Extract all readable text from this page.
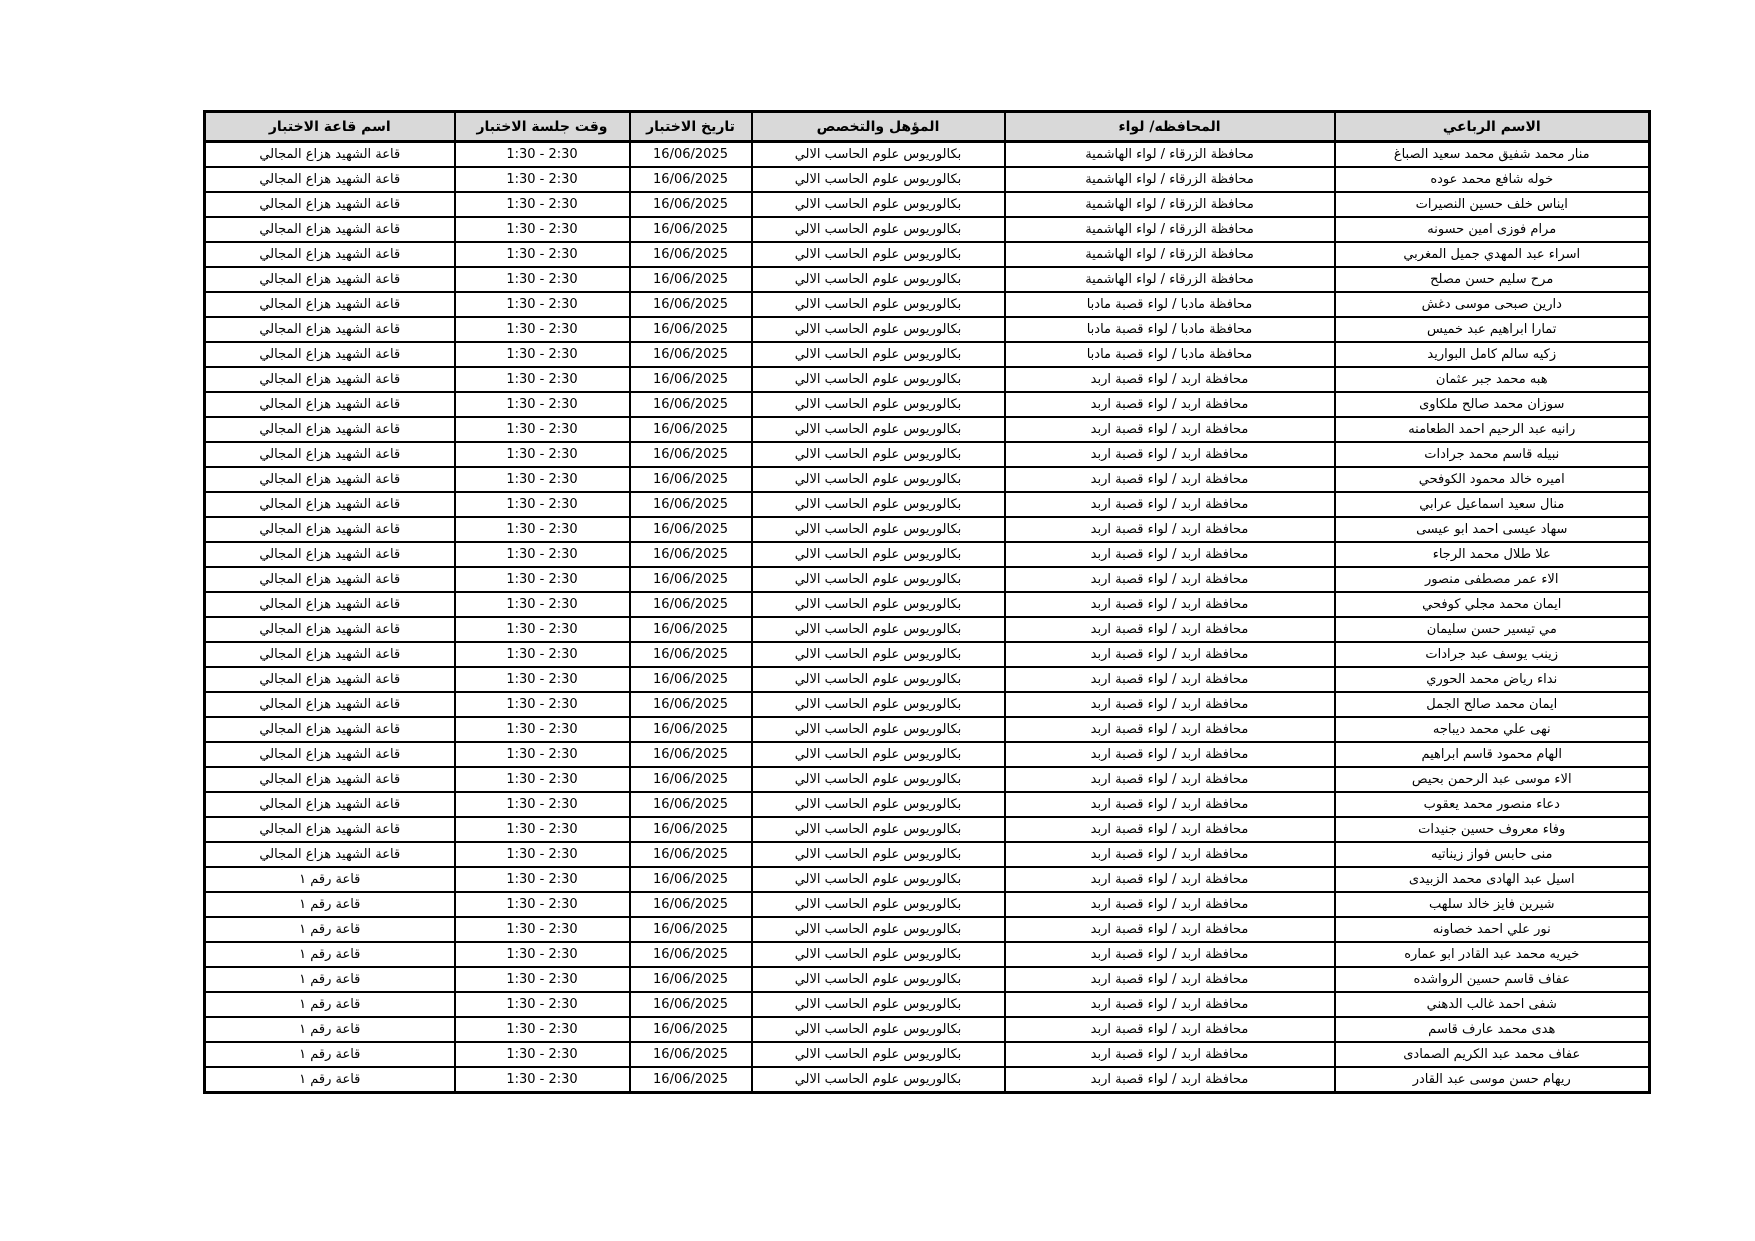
الاسم الرباعي	المحافظه/ لواء	المؤهل والتخصص	تاريخ الاختبار	وقت جلسة الاختبار	اسم قاعة الاختبار
منار محمد شفيق محمد سعيد الصباغ	محافظة الزرقاء / لواء الهاشمية	بكالوريوس علوم الحاسب الالي	16/06/2025	1:30 - 2:30	قاعة الشهيد هزاع المجالي
خوله شافع محمد عوده	محافظة الزرقاء / لواء الهاشمية	بكالوريوس علوم الحاسب الالي	16/06/2025	1:30 - 2:30	قاعة الشهيد هزاع المجالي
ايناس خلف حسين النصيرات	محافظة الزرقاء / لواء الهاشمية	بكالوريوس علوم الحاسب الالي	16/06/2025	1:30 - 2:30	قاعة الشهيد هزاع المجالي
مرام فوزى امين حسونه	محافظة الزرقاء / لواء الهاشمية	بكالوريوس علوم الحاسب الالي	16/06/2025	1:30 - 2:30	قاعة الشهيد هزاع المجالي
اسراء عبد المهدي جميل المغربي	محافظة الزرقاء / لواء الهاشمية	بكالوريوس علوم الحاسب الالي	16/06/2025	1:30 - 2:30	قاعة الشهيد هزاع المجالي
مرح سليم حسن مصلح	محافظة الزرقاء / لواء الهاشمية	بكالوريوس علوم الحاسب الالي	16/06/2025	1:30 - 2:30	قاعة الشهيد هزاع المجالي
دارين صبحى موسى دغش	محافظة مادبا / لواء قصبة مادبا	بكالوريوس علوم الحاسب الالي	16/06/2025	1:30 - 2:30	قاعة الشهيد هزاع المجالي
تمارا ابراهيم عبد خميس	محافظة مادبا / لواء قصبة مادبا	بكالوريوس علوم الحاسب الالي	16/06/2025	1:30 - 2:30	قاعة الشهيد هزاع المجالي
زكيه سالم كامل البواريد	محافظة مادبا / لواء قصبة مادبا	بكالوريوس علوم الحاسب الالي	16/06/2025	1:30 - 2:30	قاعة الشهيد هزاع المجالي
هبه محمد جبر عثمان	محافظة اربد / لواء قصبة اربد	بكالوريوس علوم الحاسب الالي	16/06/2025	1:30 - 2:30	قاعة الشهيد هزاع المجالي
سوزان محمد صالح ملكاوى	محافظة اربد / لواء قصبة اربد	بكالوريوس علوم الحاسب الالي	16/06/2025	1:30 - 2:30	قاعة الشهيد هزاع المجالي
رانيه عبد الرحيم احمد الطعامنه	محافظة اربد / لواء قصبة اربد	بكالوريوس علوم الحاسب الالي	16/06/2025	1:30 - 2:30	قاعة الشهيد هزاع المجالي
نبيله قاسم محمد جرادات	محافظة اربد / لواء قصبة اربد	بكالوريوس علوم الحاسب الالي	16/06/2025	1:30 - 2:30	قاعة الشهيد هزاع المجالي
اميره خالد محمود الكوفحي	محافظة اربد / لواء قصبة اربد	بكالوريوس علوم الحاسب الالي	16/06/2025	1:30 - 2:30	قاعة الشهيد هزاع المجالي
منال سعيد اسماعيل عرابي	محافظة اربد / لواء قصبة اربد	بكالوريوس علوم الحاسب الالي	16/06/2025	1:30 - 2:30	قاعة الشهيد هزاع المجالي
سهاد عيسى احمد ابو عيسى	محافظة اربد / لواء قصبة اربد	بكالوريوس علوم الحاسب الالي	16/06/2025	1:30 - 2:30	قاعة الشهيد هزاع المجالي
علا طلال محمد الرجاء	محافظة اربد / لواء قصبة اربد	بكالوريوس علوم الحاسب الالي	16/06/2025	1:30 - 2:30	قاعة الشهيد هزاع المجالي
الاء عمر مصطفى منصور	محافظة اربد / لواء قصبة اربد	بكالوريوس علوم الحاسب الالي	16/06/2025	1:30 - 2:30	قاعة الشهيد هزاع المجالي
ايمان محمد مجلي كوفحي	محافظة اربد / لواء قصبة اربد	بكالوريوس علوم الحاسب الالي	16/06/2025	1:30 - 2:30	قاعة الشهيد هزاع المجالي
مي تيسير حسن سليمان	محافظة اربد / لواء قصبة اربد	بكالوريوس علوم الحاسب الالي	16/06/2025	1:30 - 2:30	قاعة الشهيد هزاع المجالي
زينب يوسف عبد جرادات	محافظة اربد / لواء قصبة اربد	بكالوريوس علوم الحاسب الالي	16/06/2025	1:30 - 2:30	قاعة الشهيد هزاع المجالي
نداء رياض محمد الحوري	محافظة اربد / لواء قصبة اربد	بكالوريوس علوم الحاسب الالي	16/06/2025	1:30 - 2:30	قاعة الشهيد هزاع المجالي
ايمان محمد صالح الجمل	محافظة اربد / لواء قصبة اربد	بكالوريوس علوم الحاسب الالي	16/06/2025	1:30 - 2:30	قاعة الشهيد هزاع المجالي
نهى علي محمد ديباجه	محافظة اربد / لواء قصبة اربد	بكالوريوس علوم الحاسب الالي	16/06/2025	1:30 - 2:30	قاعة الشهيد هزاع المجالي
الهام محمود قاسم ابراهيم	محافظة اربد / لواء قصبة اربد	بكالوريوس علوم الحاسب الالي	16/06/2025	1:30 - 2:30	قاعة الشهيد هزاع المجالي
الاء موسى عبد الرحمن بحيص	محافظة اربد / لواء قصبة اربد	بكالوريوس علوم الحاسب الالي	16/06/2025	1:30 - 2:30	قاعة الشهيد هزاع المجالي
دعاء منصور محمد يعقوب	محافظة اربد / لواء قصبة اربد	بكالوريوس علوم الحاسب الالي	16/06/2025	1:30 - 2:30	قاعة الشهيد هزاع المجالي
وفاء معروف حسين جنيدات	محافظة اربد / لواء قصبة اربد	بكالوريوس علوم الحاسب الالي	16/06/2025	1:30 - 2:30	قاعة الشهيد هزاع المجالي
منى حابس فواز زيناتيه	محافظة اربد / لواء قصبة اربد	بكالوريوس علوم الحاسب الالي	16/06/2025	1:30 - 2:30	قاعة الشهيد هزاع المجالي
اسيل عبد الهادى محمد الزبيدى	محافظة اربد / لواء قصبة اربد	بكالوريوس علوم الحاسب الالي	16/06/2025	1:30 - 2:30	قاعة رقم ١
شيرين فايز خالد سلهب	محافظة اربد / لواء قصبة اربد	بكالوريوس علوم الحاسب الالي	16/06/2025	1:30 - 2:30	قاعة رقم ١
نور علي احمد خصاونه	محافظة اربد / لواء قصبة اربد	بكالوريوس علوم الحاسب الالي	16/06/2025	1:30 - 2:30	قاعة رقم ١
خيريه محمد عبد القادر ابو عماره	محافظة اربد / لواء قصبة اربد	بكالوريوس علوم الحاسب الالي	16/06/2025	1:30 - 2:30	قاعة رقم ١
عفاف قاسم حسين الرواشده	محافظة اربد / لواء قصبة اربد	بكالوريوس علوم الحاسب الالي	16/06/2025	1:30 - 2:30	قاعة رقم ١
شفى احمد غالب الدهني	محافظة اربد / لواء قصبة اربد	بكالوريوس علوم الحاسب الالي	16/06/2025	1:30 - 2:30	قاعة رقم ١
هدى محمد عارف قاسم	محافظة اربد / لواء قصبة اربد	بكالوريوس علوم الحاسب الالي	16/06/2025	1:30 - 2:30	قاعة رقم ١
عفاف محمد عبد الكريم الصمادى	محافظة اربد / لواء قصبة اربد	بكالوريوس علوم الحاسب الالي	16/06/2025	1:30 - 2:30	قاعة رقم ١
ريهام حسن موسى عبد القادر	محافظة اربد / لواء قصبة اربد	بكالوريوس علوم الحاسب الالي	16/06/2025	1:30 - 2:30	قاعة رقم ١
